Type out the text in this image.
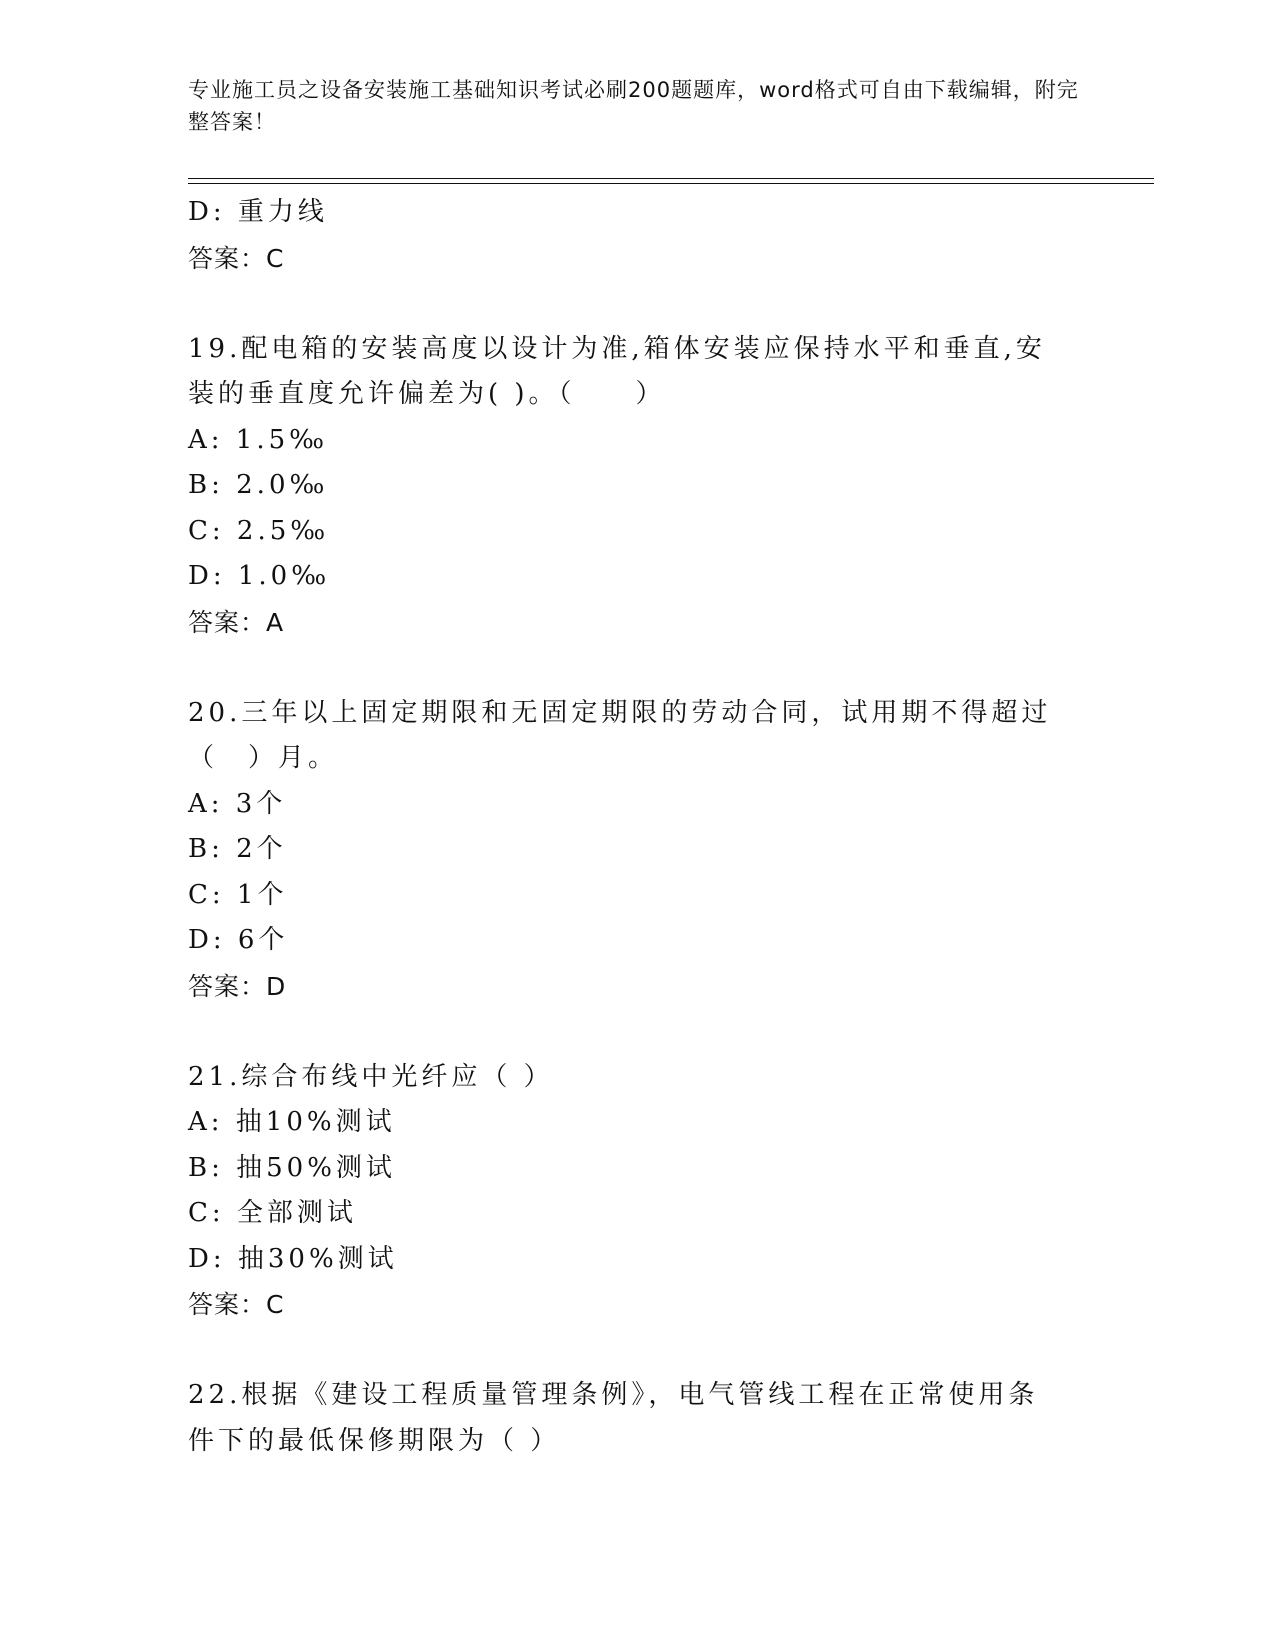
专业施工员之设备安装施工基础知识考试必刷200题题库，word格式可自由下载编辑，附完整答案！
D: 重力线
答案：C
19.配电箱的安装高度以设计为准,箱体安装应保持水平和垂直,安装的垂直度允许偏差为( )。（　　）
A: 1.5‰
B: 2.0‰
C: 2.5‰
D: 1.0‰
答案：A
20.三年以上固定期限和无固定期限的劳动合同，试用期不得超过（　）月。
A: 3个
B: 2个
C: 1个
D: 6个
答案：D
21.综合布线中光纤应（ ）
A: 抽10%测试
B: 抽50%测试
C: 全部测试
D: 抽30%测试
答案：C
22.根据《建设工程质量管理条例》，电气管线工程在正常使用条件下的最低保修期限为（ ）
